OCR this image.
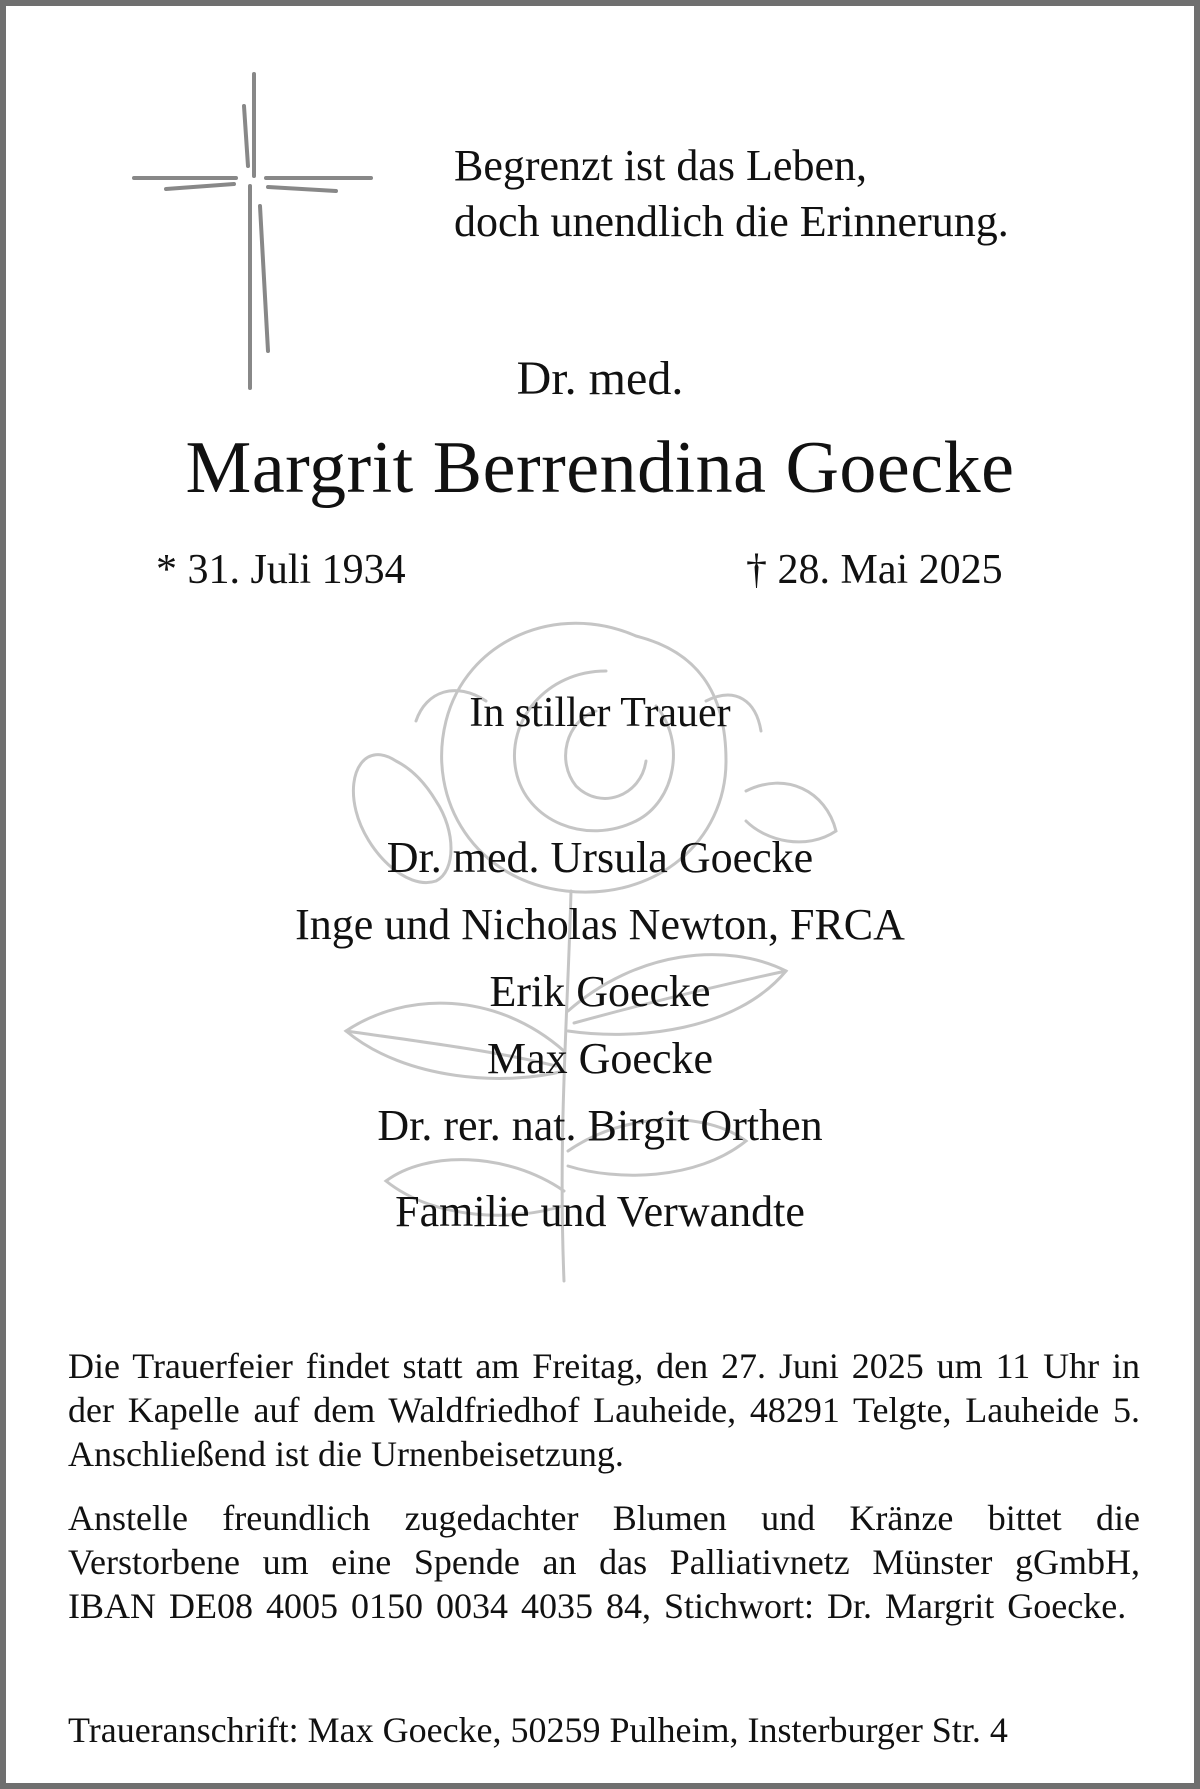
Begrenzt ist das Leben,
doch unendlich die Erinnerung.
Dr. med.
Margrit Berrendina Goecke
* 31. Juli 1934	† 28. Mai 2025
In stiller Trauer
Dr. med. Ursula Goecke
Inge und Nicholas Newton, FRCA
Erik Goecke
Max Goecke
Dr. rer. nat. Birgit Orthen
Familie und Verwandte
Die Trauerfeier findet statt am Freitag, den 27. Juni 2025 um 11 Uhr in der Kapelle auf dem Waldfriedhof Lauheide, 48291 Telgte, Lauheide 5. Anschließend ist die Urnenbeisetzung.
Anstelle freundlich zugedachter Blumen und Kränze bittet die Verstorbene um eine Spende an das Palliativnetz Münster gGmbH, IBAN DE08 4005 0150 0034 4035 84, Stichwort: Dr. Margrit Goecke.
Traueranschrift: Max Goecke, 50259 Pulheim, Insterburger Str. 4
